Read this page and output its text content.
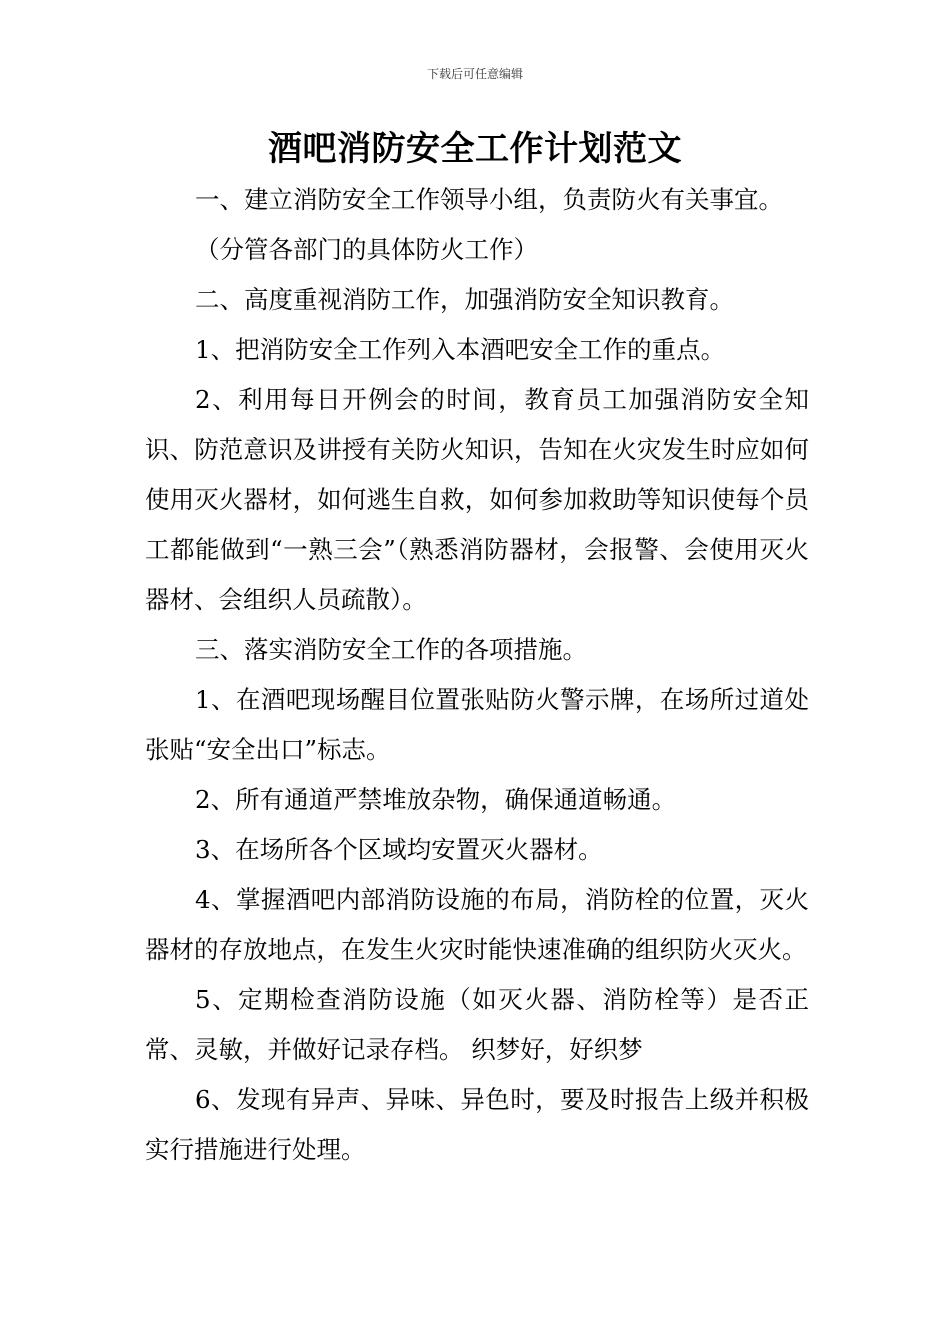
下载后可任意编辑
酒吧消防安全工作计划范文

一、建立消防安全工作领导小组，负责防火有关事宜。

（分管各部门的具体防火工作）

二、高度重视消防工作，加强消防安全知识教育。

1、把消防安全工作列入本酒吧安全工作的重点。

2、利用每日开例会的时间，教育员工加强消防安全知识、防范意识及讲授有关防火知识，告知在火灾发生时应如何使用灭火器材，如何逃生自救，如何参加救助等知识使每个员工都能做到“一熟三会”（熟悉消防器材，会报警、会使用灭火器材、会组织人员疏散）。

三、落实消防安全工作的各项措施。

1、在酒吧现场醒目位置张贴防火警示牌，在场所过道处张贴“安全出口”标志。

2、所有通道严禁堆放杂物，确保通道畅通。

3、在场所各个区域均安置灭火器材。

4、掌握酒吧内部消防设施的布局，消防栓的位置，灭火器材的存放地点，在发生火灾时能快速准确的组织防火灭火。

5、定期检查消防设施（如灭火器、消防栓等）是否正常、灵敏，并做好记录存档。 织梦好，好织梦

6、发现有异声、异味、异色时，要及时报告上级并积极实行措施进行处理。
